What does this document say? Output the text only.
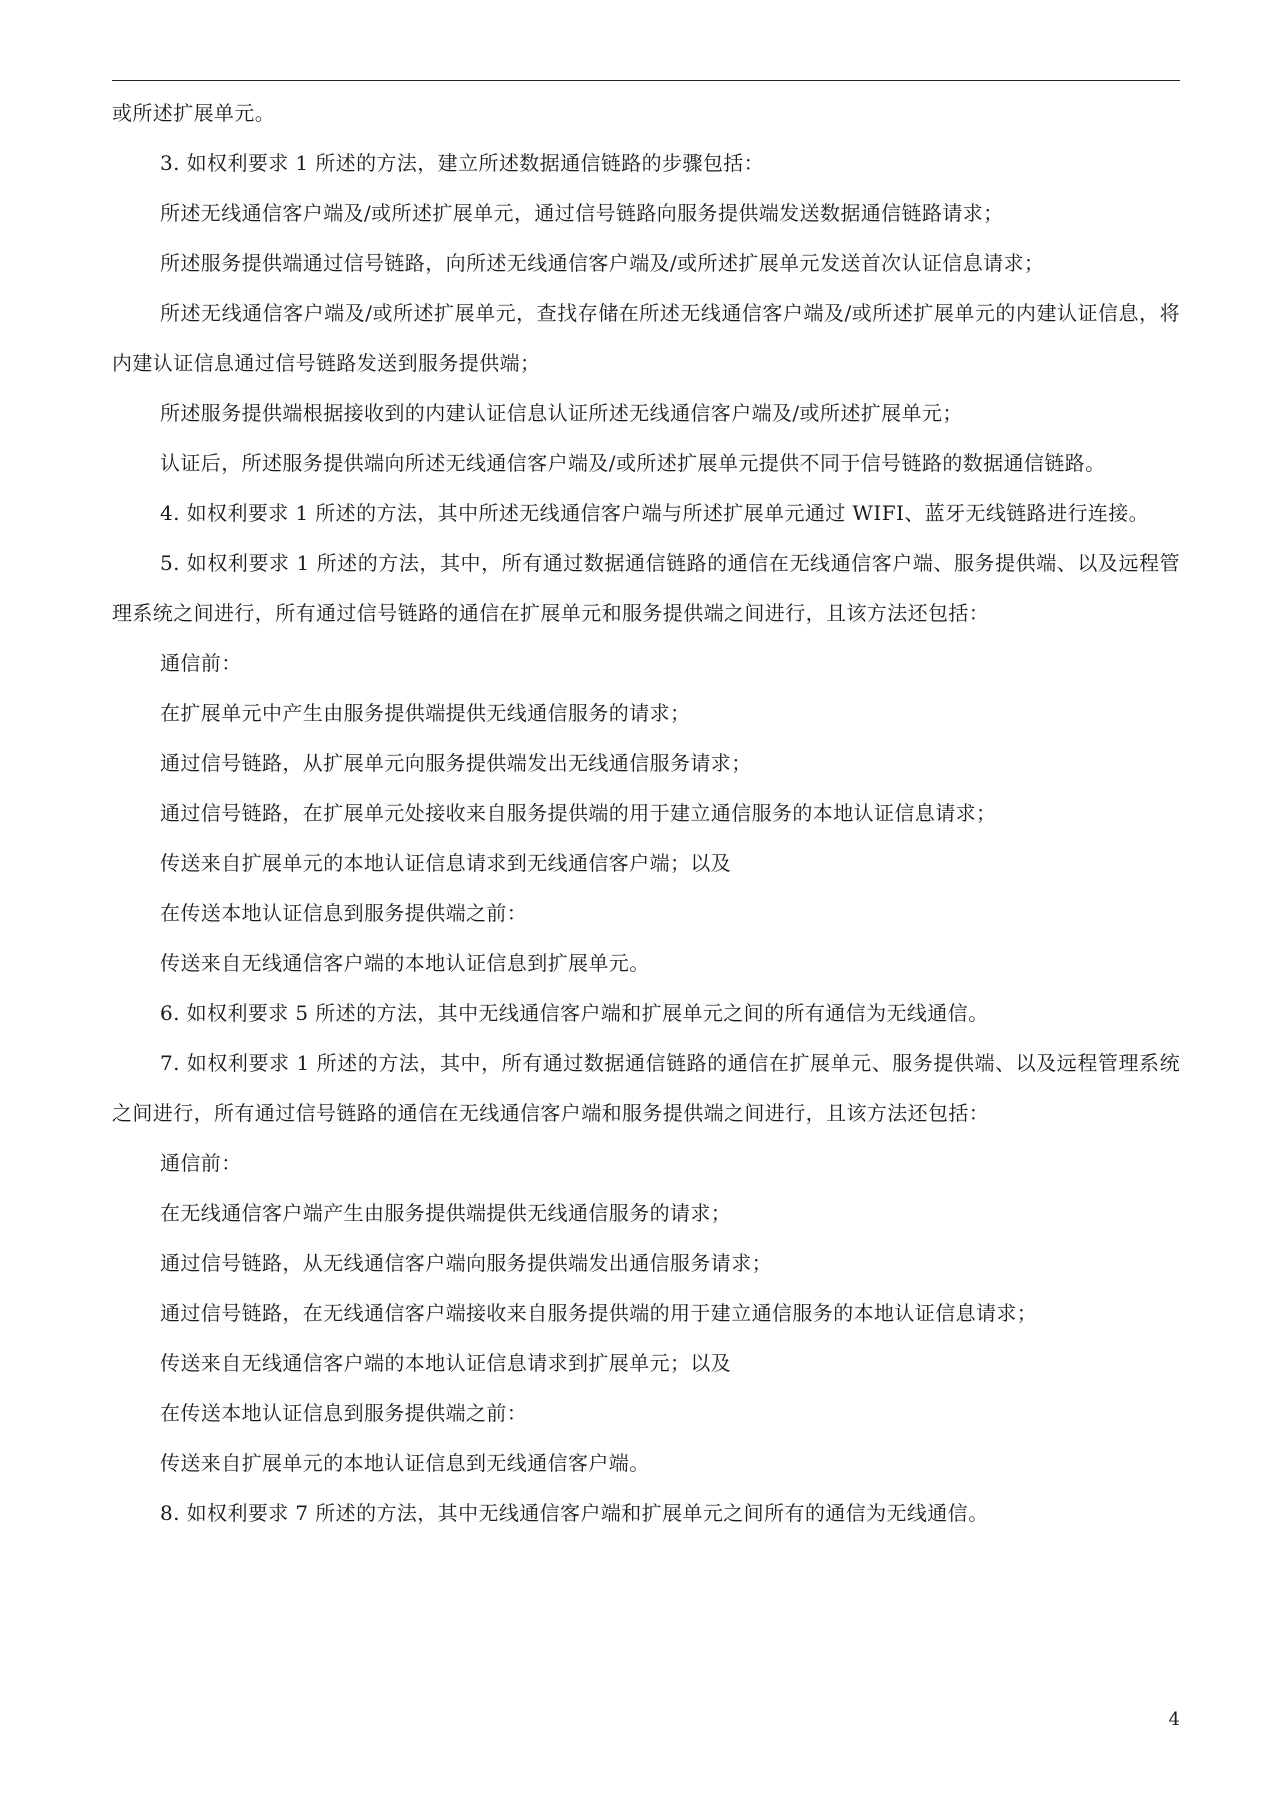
或所述扩展单元。

3. 如权利要求 1 所述的方法，建立所述数据通信链路的步骤包括：

所述无线通信客户端及/或所述扩展单元，通过信号链路向服务提供端发送数据通信链路请求；

所述服务提供端通过信号链路，向所述无线通信客户端及/或所述扩展单元发送首次认证信息请求；

所述无线通信客户端及/或所述扩展单元，查找存储在所述无线通信客户端及/或所述扩展单元的内建认证信息，将内建认证信息通过信号链路发送到服务提供端；

所述服务提供端根据接收到的内建认证信息认证所述无线通信客户端及/或所述扩展单元；

认证后，所述服务提供端向所述无线通信客户端及/或所述扩展单元提供不同于信号链路的数据通信链路。

4. 如权利要求 1 所述的方法，其中所述无线通信客户端与所述扩展单元通过 WIFI、蓝牙无线链路进行连接。

5. 如权利要求 1 所述的方法，其中，所有通过数据通信链路的通信在无线通信客户端、服务提供端、以及远程管理系统之间进行，所有通过信号链路的通信在扩展单元和服务提供端之间进行，且该方法还包括：

通信前：

在扩展单元中产生由服务提供端提供无线通信服务的请求；

通过信号链路，从扩展单元向服务提供端发出无线通信服务请求；

通过信号链路，在扩展单元处接收来自服务提供端的用于建立通信服务的本地认证信息请求；

传送来自扩展单元的本地认证信息请求到无线通信客户端；以及

在传送本地认证信息到服务提供端之前：

传送来自无线通信客户端的本地认证信息到扩展单元。

6. 如权利要求 5 所述的方法，其中无线通信客户端和扩展单元之间的所有通信为无线通信。

7. 如权利要求 1 所述的方法，其中，所有通过数据通信链路的通信在扩展单元、服务提供端、以及远程管理系统之间进行，所有通过信号链路的通信在无线通信客户端和服务提供端之间进行，且该方法还包括：

通信前：

在无线通信客户端产生由服务提供端提供无线通信服务的请求；

通过信号链路，从无线通信客户端向服务提供端发出通信服务请求；

通过信号链路，在无线通信客户端接收来自服务提供端的用于建立通信服务的本地认证信息请求；

传送来自无线通信客户端的本地认证信息请求到扩展单元；以及

在传送本地认证信息到服务提供端之前：

传送来自扩展单元的本地认证信息到无线通信客户端。

8. 如权利要求 7 所述的方法，其中无线通信客户端和扩展单元之间所有的通信为无线通信。

4
